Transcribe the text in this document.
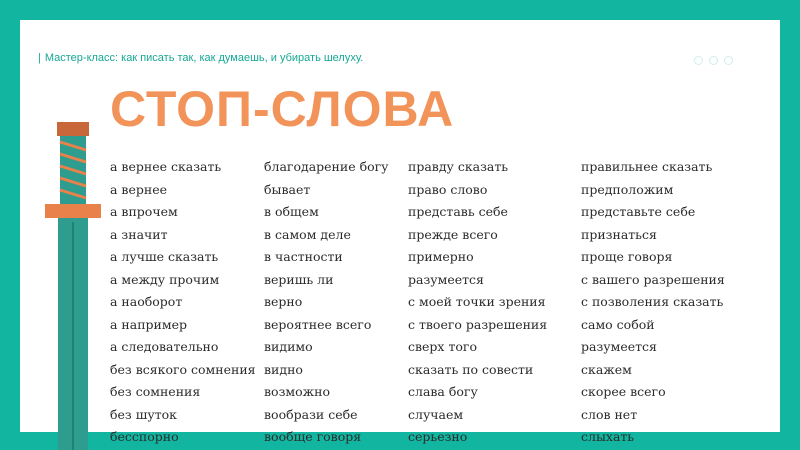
| Мастер-класс: как писать так, как думаешь, и убирать шелуху.
СТОП-СЛОВА
а вернее сказать
а вернее
а впрочем
а значит
а лучше сказать
а между прочим
а наоборот
а например
а следовательно
без всякого сомнения
без сомнения
без шуток
бесспорно
благодарение богу
бывает
в общем
в самом деле
в частности
веришь ли
верно
вероятнее всего
видимо
видно
возможно
вообрази себе
вообще говоря
правду сказать
право слово
представь себе
прежде всего
примерно
разумеется
с моей точки зрения
с твоего разрешения
сверх того
сказать по совести
слава богу
случаем
серьезно
правильнее сказать
предположим
представьте себе
признаться
проще говоря
с вашего разрешения
с позволения сказать
само собой
разумеется
скажем
скорее всего
слов нет
слыхать
